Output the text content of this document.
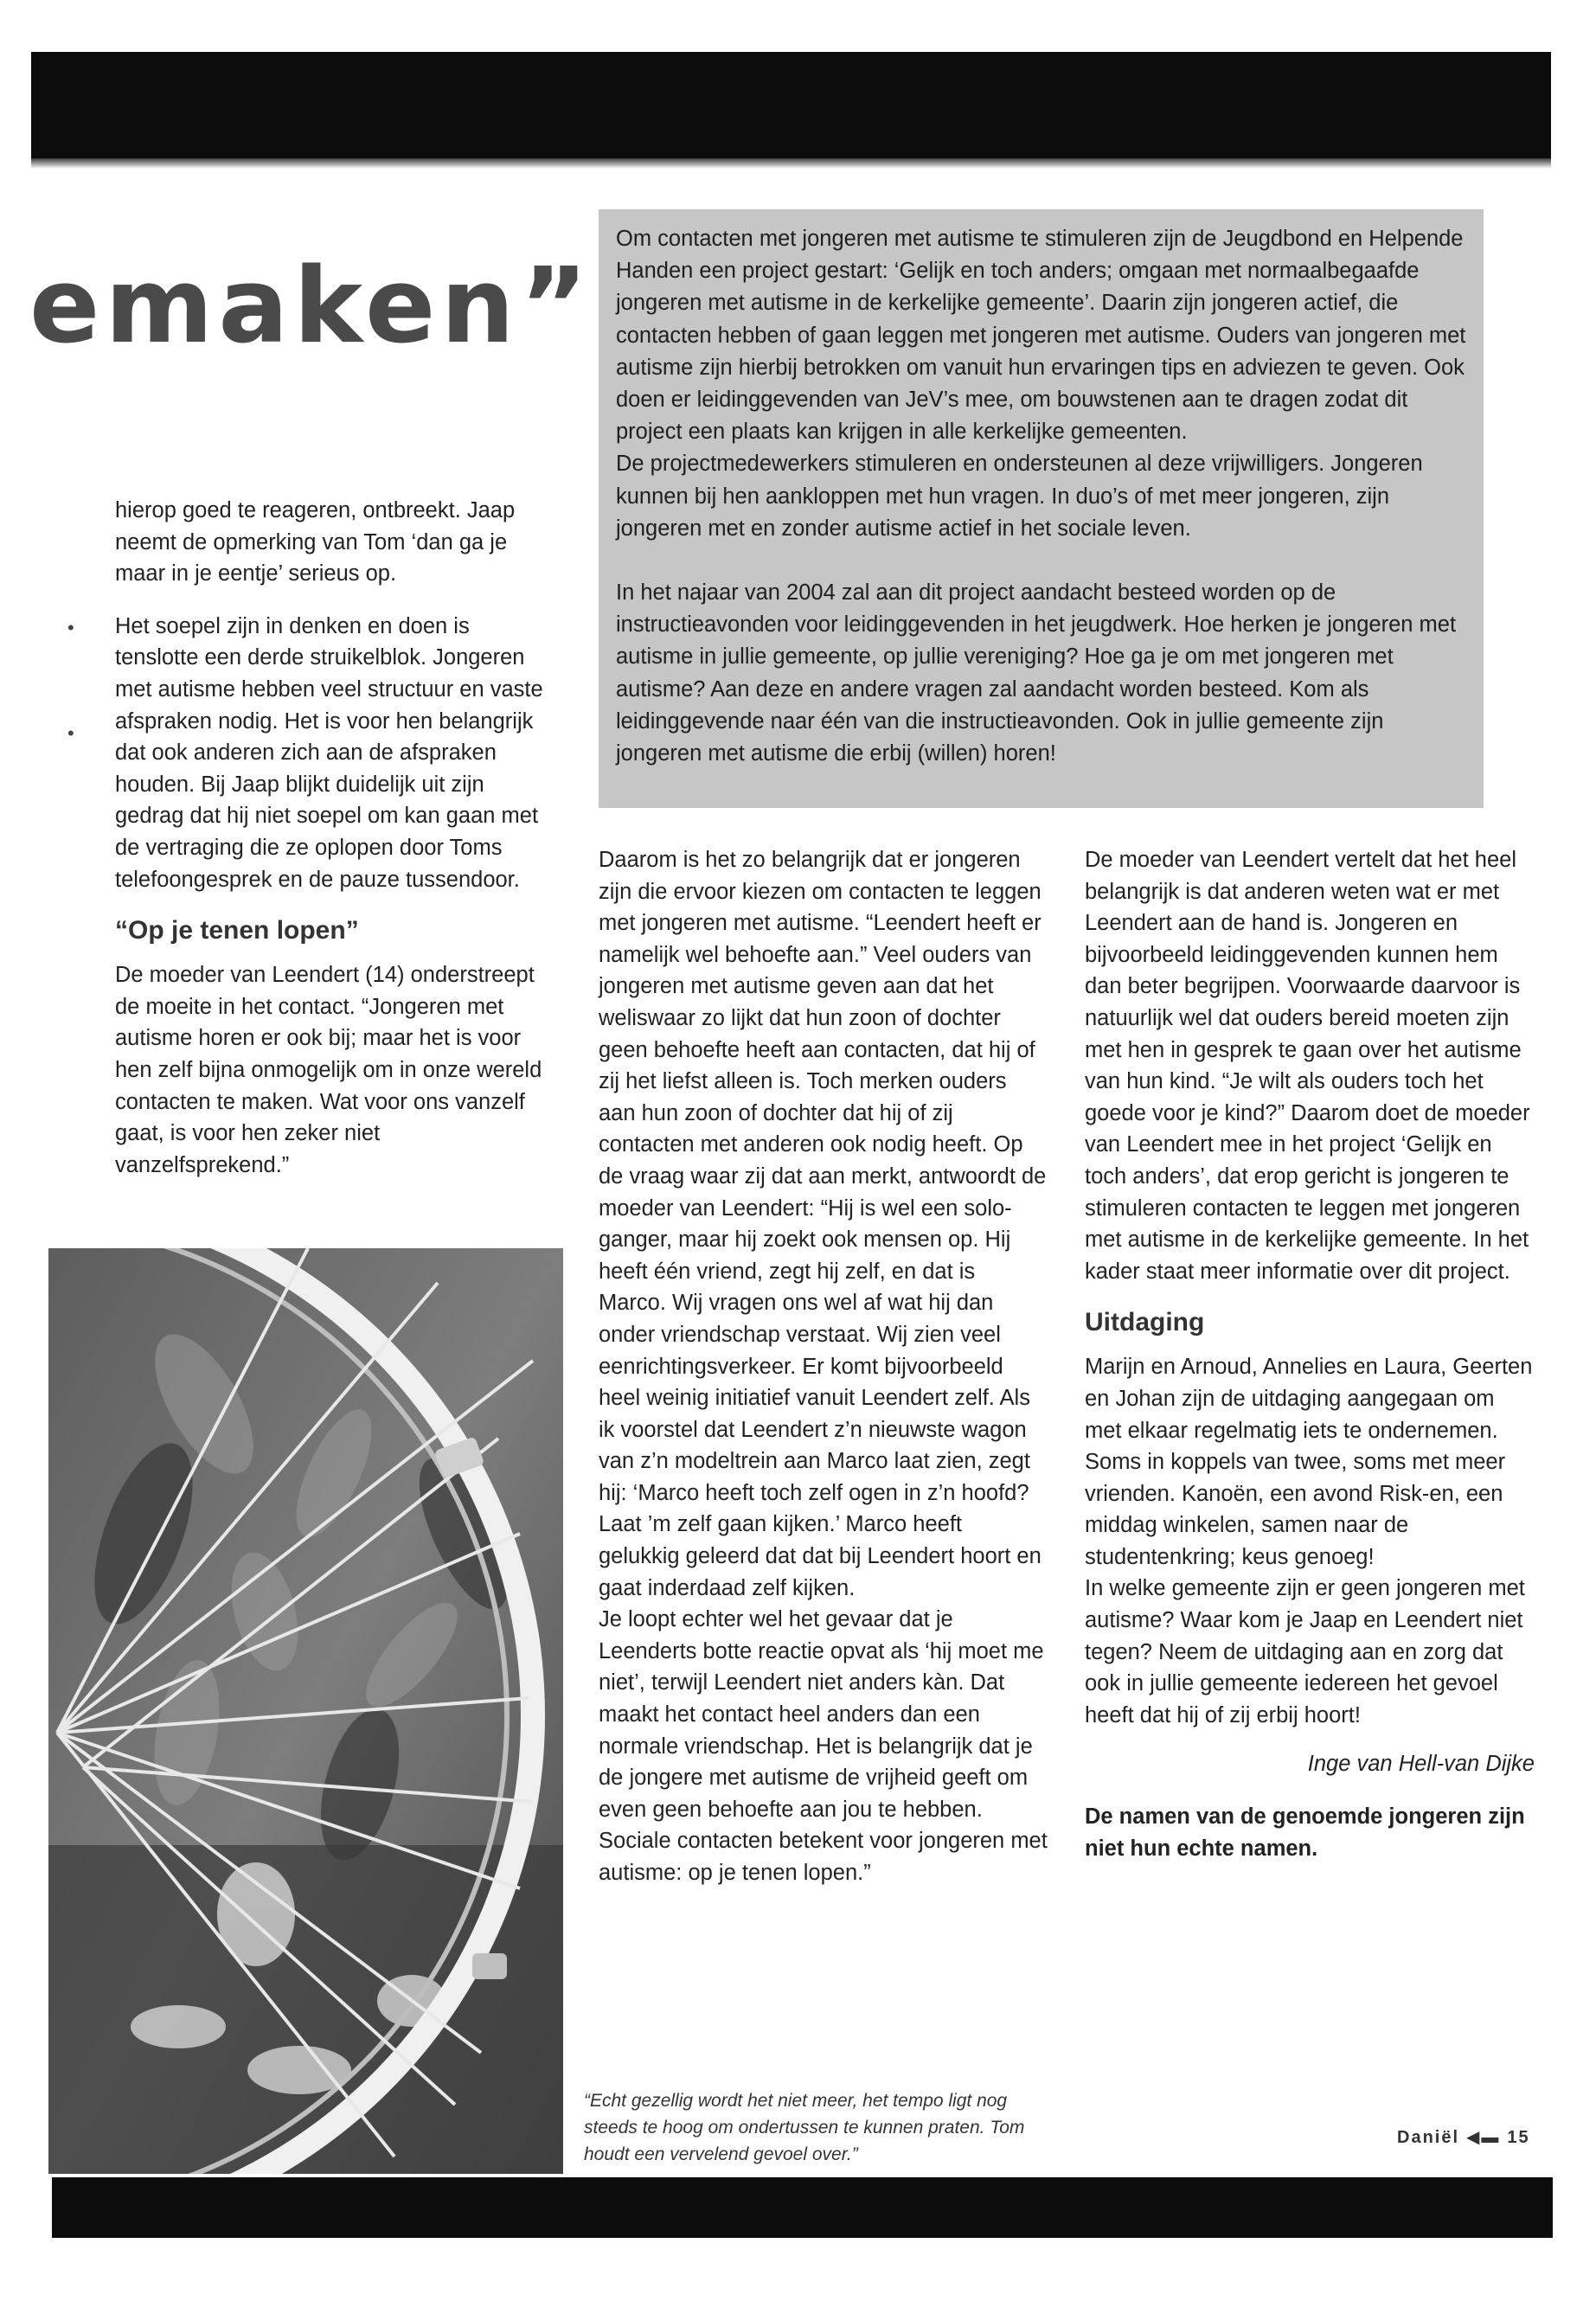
emaken”

hierop goed te reageren, ontbreekt. Jaap neemt de opmerking van Tom ‘dan ga je maar in je eentje’ serieus op.

•
•

Het soepel zijn in denken en doen is tenslotte een derde struikelblok. Jongeren met autisme hebben veel structuur en vaste afspraken nodig. Het is voor hen belangrijk dat ook anderen zich aan de afspraken houden. Bij Jaap blijkt duidelijk uit zijn gedrag dat hij niet soepel om kan gaan met de vertraging die ze oplopen door Toms telefoongesprek en de pauze tussendoor.

“Op je tenen lopen”

De moeder van Leendert (14) onderstreept de moeite in het contact. “Jongeren met autisme horen er ook bij; maar het is voor hen zelf bijna onmogelijk om in onze wereld contacten te maken. Wat voor ons vanzelf gaat, is voor hen zeker niet vanzelfsprekend.”

Om contacten met jongeren met autisme te stimuleren zijn de Jeugdbond en Helpende Handen een project gestart: ‘Gelijk en toch anders; omgaan met normaalbegaafde jongeren met autisme in de kerkelijke gemeente’. Daarin zijn jongeren actief, die contacten hebben of gaan leggen met jongeren met autisme. Ouders van jongeren met autisme zijn hierbij betrokken om vanuit hun ervaringen tips en adviezen te geven. Ook doen er leidinggevenden van JeV’s mee, om bouwstenen aan te dragen zodat dit project een plaats kan krijgen in alle kerkelijke gemeenten.

De projectmedewerkers stimuleren en ondersteunen al deze vrijwilligers. Jongeren kunnen bij hen aankloppen met hun vragen. In duo’s of met meer jongeren, zijn jongeren met en zonder autisme actief in het sociale leven.

In het najaar van 2004 zal aan dit project aandacht besteed worden op de instructieavonden voor leidinggevenden in het jeugdwerk. Hoe herken je jongeren met autisme in jullie gemeente, op jullie vereniging? Hoe ga je om met jongeren met autisme? Aan deze en andere vragen zal aandacht worden besteed. Kom als leidinggevende naar één van die instructieavonden. Ook in jullie gemeente zijn jongeren met autisme die erbij (willen) horen!

Daarom is het zo belangrijk dat er jongeren zijn die ervoor kiezen om contacten te leggen met jongeren met autisme. “Leendert heeft er namelijk wel behoefte aan.” Veel ouders van jongeren met autisme geven aan dat het weliswaar zo lijkt dat hun zoon of dochter geen behoefte heeft aan contacten, dat hij of zij het liefst alleen is. Toch merken ouders aan hun zoon of dochter dat hij of zij contacten met anderen ook nodig heeft. Op de vraag waar zij dat aan merkt, antwoordt de moeder van Leendert: “Hij is wel een solo-ganger, maar hij zoekt ook mensen op. Hij heeft één vriend, zegt hij zelf, en dat is Marco. Wij vragen ons wel af wat hij dan onder vriendschap verstaat. Wij zien veel eenrichtingsverkeer. Er komt bijvoorbeeld heel weinig initiatief vanuit Leendert zelf. Als ik voorstel dat Leendert z’n nieuwste wagon van z’n modeltrein aan Marco laat zien, zegt hij: ‘Marco heeft toch zelf ogen in z’n hoofd? Laat ’m zelf gaan kijken.’ Marco heeft gelukkig geleerd dat dat bij Leendert hoort en gaat inderdaad zelf kijken.

Je loopt echter wel het gevaar dat je Leenderts botte reactie opvat als ‘hij moet me niet’, terwijl Leendert niet anders kàn. Dat maakt het contact heel anders dan een normale vriendschap. Het is belangrijk dat je de jongere met autisme de vrijheid geeft om even geen behoefte aan jou te hebben. Sociale contacten betekent voor jongeren met autisme: op je tenen lopen.”

De moeder van Leendert vertelt dat het heel belangrijk is dat anderen weten wat er met Leendert aan de hand is. Jongeren en bijvoorbeeld leidinggevenden kunnen hem dan beter begrijpen. Voorwaarde daarvoor is natuurlijk wel dat ouders bereid moeten zijn met hen in gesprek te gaan over het autisme van hun kind. “Je wilt als ouders toch het goede voor je kind?” Daarom doet de moeder van Leendert mee in het project ‘Gelijk en toch anders’, dat erop gericht is jongeren te stimuleren contacten te leggen met jongeren met autisme in de kerkelijke gemeente. In het kader staat meer informatie over dit project.

Uitdaging

Marijn en Arnoud, Annelies en Laura, Geerten en Johan zijn de uitdaging aangegaan om met elkaar regelmatig iets te ondernemen. Soms in koppels van twee, soms met meer vrienden. Kanoën, een avond Risk-en, een middag winkelen, samen naar de studentenkring; keus genoeg!

In welke gemeente zijn er geen jongeren met autisme? Waar kom je Jaap en Leendert niet tegen? Neem de uitdaging aan en zorg dat ook in jullie gemeente iedereen het gevoel heeft dat hij of zij erbij hoort!

Inge van Hell-van Dijke

De namen van de genoemde jongeren zijn niet hun echte namen.

“Echt gezellig wordt het niet meer, het tempo ligt nog steeds te hoog om ondertussen te kunnen praten. Tom houdt een vervelend gevoel over.”
Daniël ◀▬ 15
